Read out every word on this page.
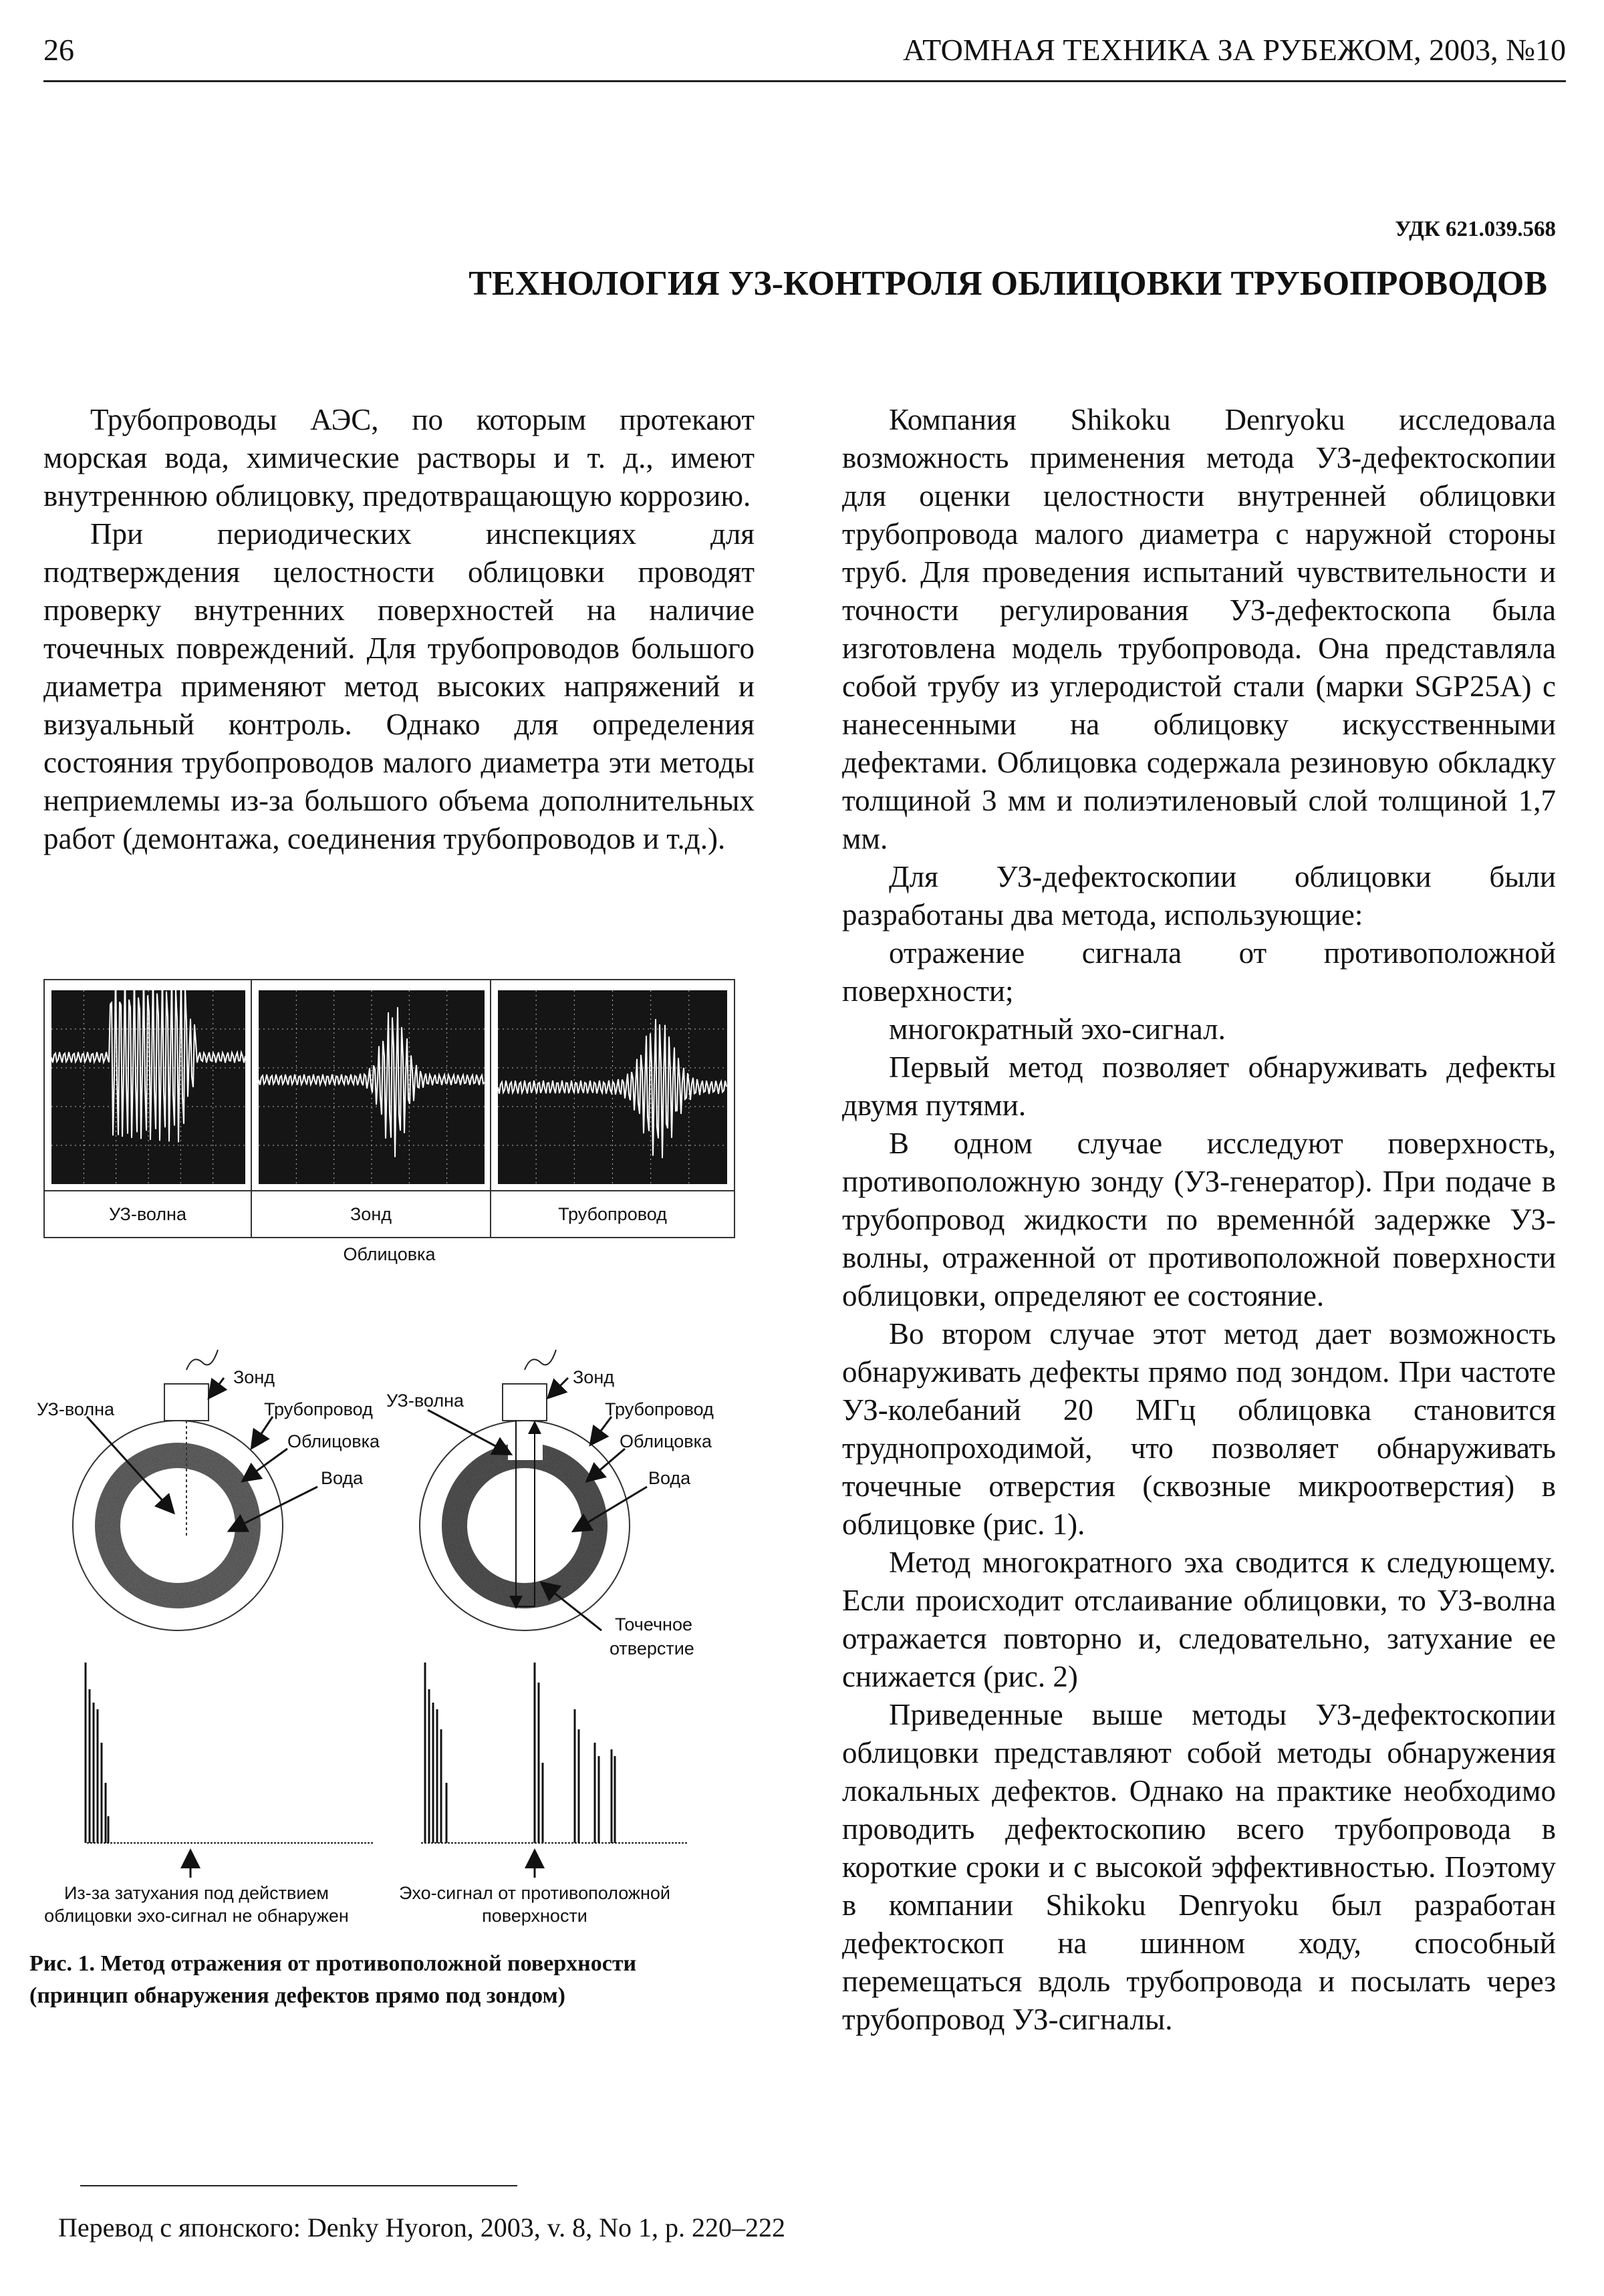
26	АТОМНАЯ ТЕХНИКА ЗА РУБЕЖОМ, 2003, №10
УДК 621.039.568
ТЕХНОЛОГИЯ УЗ-КОНТРОЛЯ ОБЛИЦОВКИ ТРУБОПРОВОДОВ

Трубопроводы АЭС, по которым протекают морская вода, химические растворы и т. д., имеют внутреннюю облицовку, предотвращающую коррозию.

При периодических инспекциях для подтверждения целостности облицовки проводят проверку внутренних поверхностей на наличие точечных повреждений. Для трубопроводов большого диаметра применяют метод высоких напряжений и визуальный контроль. Однако для определения состояния трубопроводов малого диаметра эти методы неприемлемы из-за большого объема дополнительных работ (демонтажа, соединения трубопроводов и т.д.).

Компания Shikoku Denryoku исследовала возможность применения метода УЗ-дефектоскопии для оценки целостности внутренней облицовки трубопровода малого диаметра с наружной стороны труб. Для проведения испытаний чувствительности и точности регулирования УЗ-дефектоскопа была изготовлена модель трубопровода. Она представляла собой трубу из углеродистой стали (марки SGP25A) с нанесенными на облицовку искусственными дефектами. Облицовка содержала резиновую обкладку толщиной 3 мм и полиэтиленовый слой толщиной 1,7 мм.

Для УЗ-дефектоскопии облицовки были разработаны два метода, использующие:

отражение сигнала от противоположной поверхности;

многократный эхо-сигнал.

Первый метод позволяет обнаруживать дефекты двумя путями.

В одном случае исследуют поверхность, противоположную зонду (УЗ-генератор). При подаче в трубопровод жидкости по временнóй задержке УЗ-волны, отраженной от противоположной поверхности облицовки, определяют ее состояние.

Во втором случае этот метод дает возможность обнаруживать дефекты прямо под зондом. При частоте УЗ-колебаний 20 МГц облицовка становится труднопроходимой, что позволяет обнаруживать точечные отверстия (сквозные микроотверстия) в облицовке (рис. 1).

Метод многократного эха сводится к следующему. Если происходит отслаивание облицовки, то УЗ-волна отражается повторно и, следовательно, затухание ее снижается (рис. 2)

Приведенные выше методы УЗ-дефектоскопии облицовки представляют собой методы обнаружения локальных дефектов. Однако на практике необходимо проводить дефектоскопию всего трубопровода в короткие сроки и с высокой эффективностью. Поэтому в компании Shikoku Denryoku был разработан дефектоскоп на шинном ходу, способный перемещаться вдоль трубопровода и посылать через трубопровод УЗ-сигналы.

УЗ-волна	Зонд	Трубопровод
Облицовка
Зонд
УЗ-волна	Трубопровод
Облицовка
Вода
Зонд
УЗ-волна	Трубопровод
Облицовка
Вода
Точечное
отверстие
Из-за затухания под действием
облицовки эхо-сигнал не обнаружен
Эхо-сигнал от противоположной
поверхности
Рис. 1. Метод отражения от противоположной поверхности (принцип обнаружения дефектов прямо под зондом)
Перевод с японского: Denky Hyoron, 2003, v. 8, No 1, p. 220–222
